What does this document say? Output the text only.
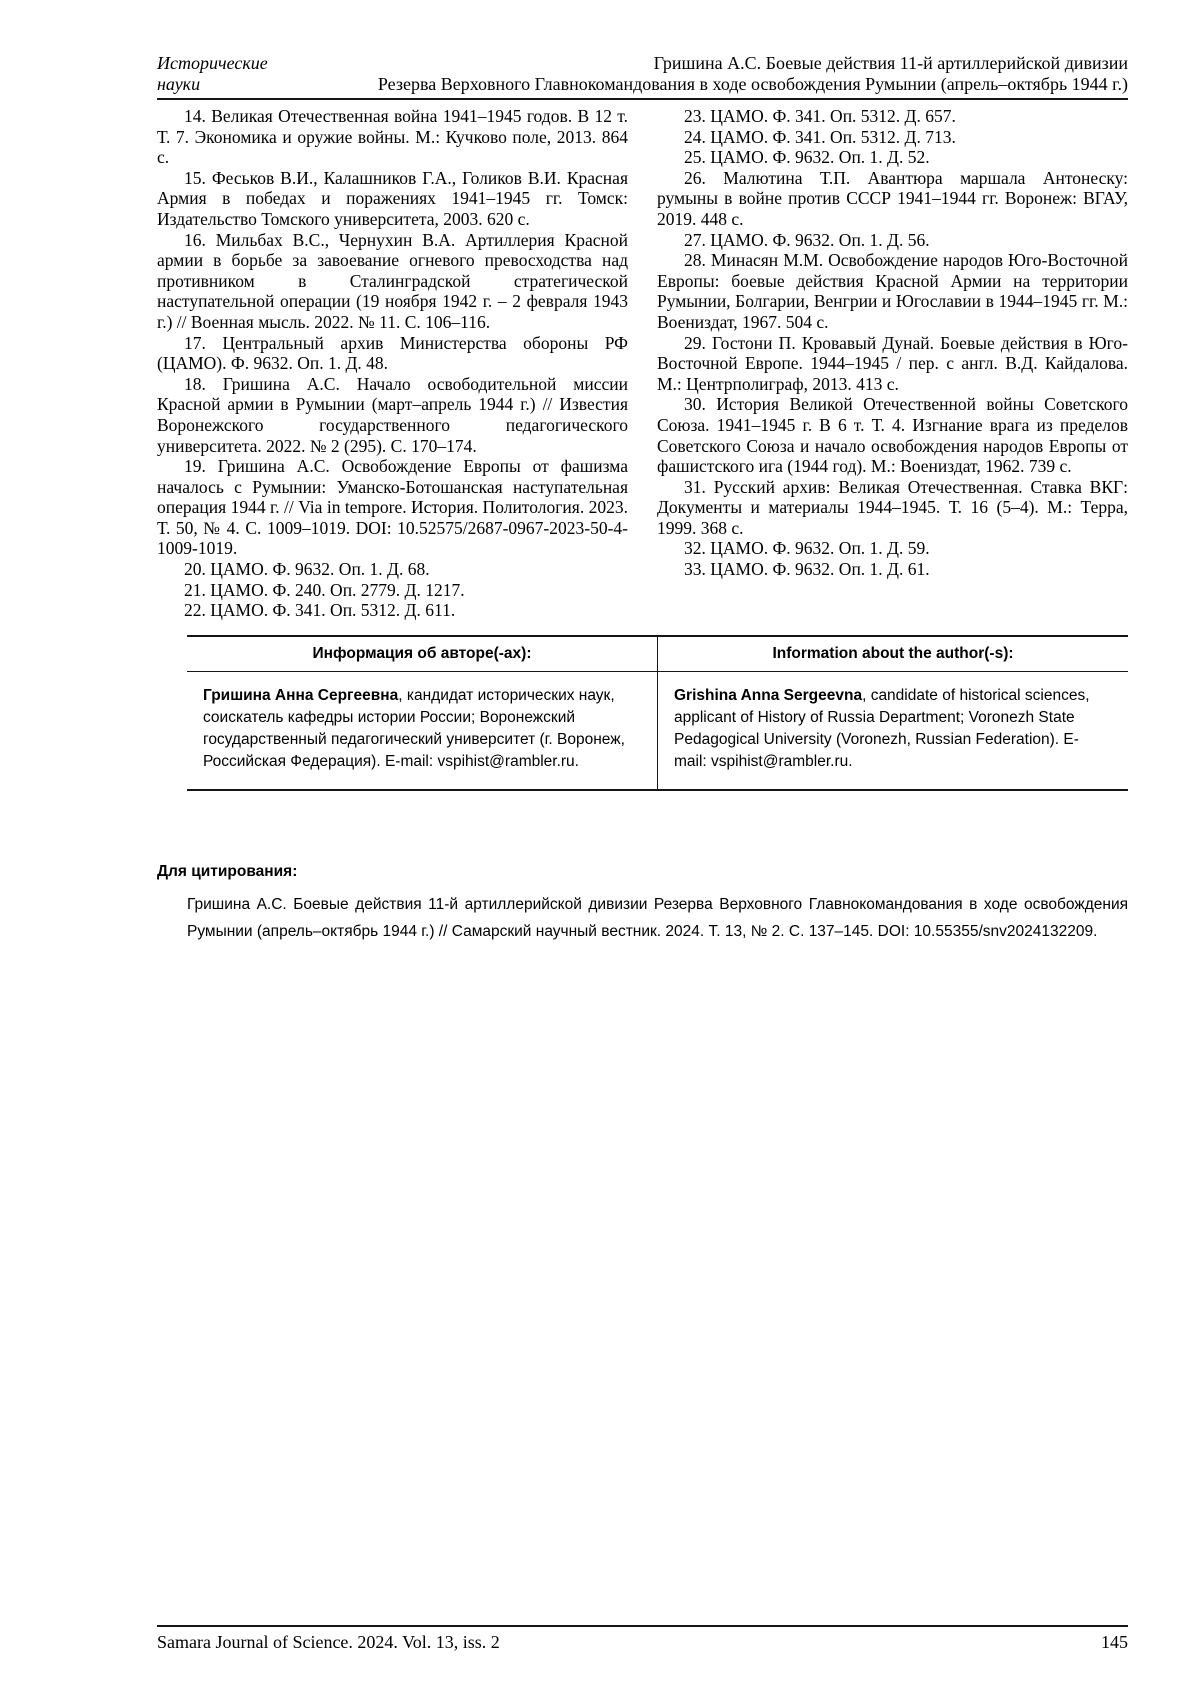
Исторические
науки
Гришина А.С. Боевые действия 11-й артиллерийской дивизии
Резерва Верховного Главнокомандования в ходе освобождения Румынии (апрель–октябрь 1944 г.)

14. Великая Отечественная война 1941–1945 годов. В 12 т. Т. 7. Экономика и оружие войны. М.: Кучково поле, 2013. 864 с.

15. Феськов В.И., Калашников Г.А., Голиков В.И. Красная Армия в победах и поражениях 1941–1945 гг. Томск: Издательство Томского университета, 2003. 620 с.

16. Мильбах В.С., Чернухин В.А. Артиллерия Красной армии в борьбе за завоевание огневого превосходства над противником в Сталинградской стратегической наступательной операции (19 ноября 1942 г. – 2 февраля 1943 г.) // Военная мысль. 2022. № 11. С. 106–116.

17. Центральный архив Министерства обороны РФ (ЦАМО). Ф. 9632. Оп. 1. Д. 48.

18. Гришина А.С. Начало освободительной миссии Красной армии в Румынии (март–апрель 1944 г.) // Известия Воронежского государственного педагогического университета. 2022. № 2 (295). С. 170–174.

19. Гришина А.С. Освобождение Европы от фашизма началось с Румынии: Уманско-Ботошанская наступательная операция 1944 г. // Via in tempore. История. Политология. 2023. Т. 50, № 4. С. 1009–1019. DOI: 10.52575/2687-0967-2023-50-4-1009-1019.

20. ЦАМО. Ф. 9632. Оп. 1. Д. 68.

21. ЦАМО. Ф. 240. Оп. 2779. Д. 1217.

22. ЦАМО. Ф. 341. Оп. 5312. Д. 611.

23. ЦАМО. Ф. 341. Оп. 5312. Д. 657.

24. ЦАМО. Ф. 341. Оп. 5312. Д. 713.

25. ЦАМО. Ф. 9632. Оп. 1. Д. 52.

26. Малютина Т.П. Авантюра маршала Антонеску: румыны в войне против СССР 1941–1944 гг. Воронеж: ВГАУ, 2019. 448 с.

27. ЦАМО. Ф. 9632. Оп. 1. Д. 56.

28. Минасян М.М. Освобождение народов Юго-Восточной Европы: боевые действия Красной Армии на территории Румынии, Болгарии, Венгрии и Югославии в 1944–1945 гг. М.: Воениздат, 1967. 504 с.

29. Гостони П. Кровавый Дунай. Боевые действия в Юго-Восточной Европе. 1944–1945 / пер. с англ. В.Д. Кайдалова. М.: Центрполиграф, 2013. 413 с.

30. История Великой Отечественной войны Советского Союза. 1941–1945 г. В 6 т. Т. 4. Изгнание врага из пределов Советского Союза и начало освобождения народов Европы от фашистского ига (1944 год). М.: Воениздат, 1962. 739 с.

31. Русский архив: Великая Отечественная. Ставка ВКГ: Документы и материалы 1944–1945. Т. 16 (5–4). М.: Терра, 1999. 368 с.

32. ЦАМО. Ф. 9632. Оп. 1. Д. 59.

33. ЦАМО. Ф. 9632. Оп. 1. Д. 61.

Информация об авторе(-ах):	Information about the author(-s):
Гришина Анна Сергеевна, кандидат исторических наук, соискатель кафедры истории России; Воронежский государственный педагогический университет (г. Воронеж, Российская Федерация). E-mail: vspihist@rambler.ru.	Grishina Anna Sergeevna, candidate of historical sciences, applicant of History of Russia Department; Voronezh State Pedagogical University (Voronezh, Russian Federation). E-mail: vspihist@rambler.ru.
Для цитирования:

Гришина А.С. Боевые действия 11-й артиллерийской дивизии Резерва Верховного Главнокомандования в ходе освобождения Румынии (апрель–октябрь 1944 г.) // Самарский научный вестник. 2024. Т. 13, № 2. С. 137–145. DOI: 10.55355/snv2024132209.

Samara Journal of Science. 2024. Vol. 13, iss. 2	145
